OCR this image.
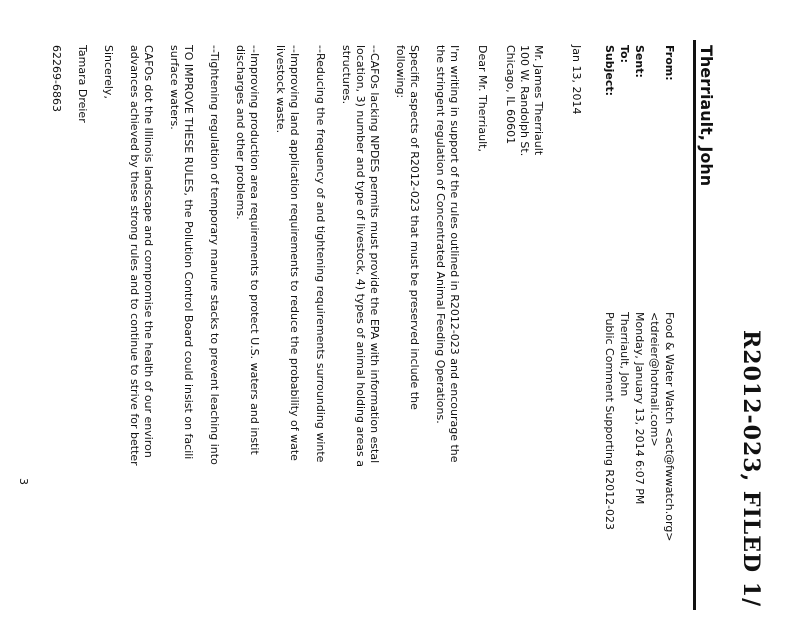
R2012-023, FILED 1/
Therriault, John
From:
Food & Water Watch <act@fwwatch.org>
<tdreier@hotmail.com>
Sent:
Monday, January 13, 2014 6:07 PM
To:
Therriault, John
Subject:
Public Comment Supporting R2012-023
Jan 13, 2014
Mr. James Therriault
100 W. Randolph St.
Chicago, IL 60601
Dear Mr. Therriault,
I'm writing in support of the rules outlined in R2012-023 and encourage the
the stringent regulation of Concentrated Animal Feeding Operations.
Specific aspects of R2012-023 that must be preserved include the
following:
--CAFOs lacking NPDES permits must provide the EPA with information estal
location, 3) number and type of livestock, 4) types of animal holding areas a
structures.
--Reducing the frequency of and tightening requirements surrounding winte
--Improving land application requirements to reduce the probability of wate
livestock waste.
--Improving production area requirements to protect U.S. waters and instit
discharges and other problems.
--Tightening regulation of temporary manure stacks to prevent leaching into
TO IMPROVE THESE RULES, the Pollution Control Board could insist on facili
surface waters.
CAFOs dot the Illinois landscape and compromise the health of our environ
advances achieved by these strong rules and to continue to strive for better
Sincerely,
Tamara Dreier
62269-6863
3
